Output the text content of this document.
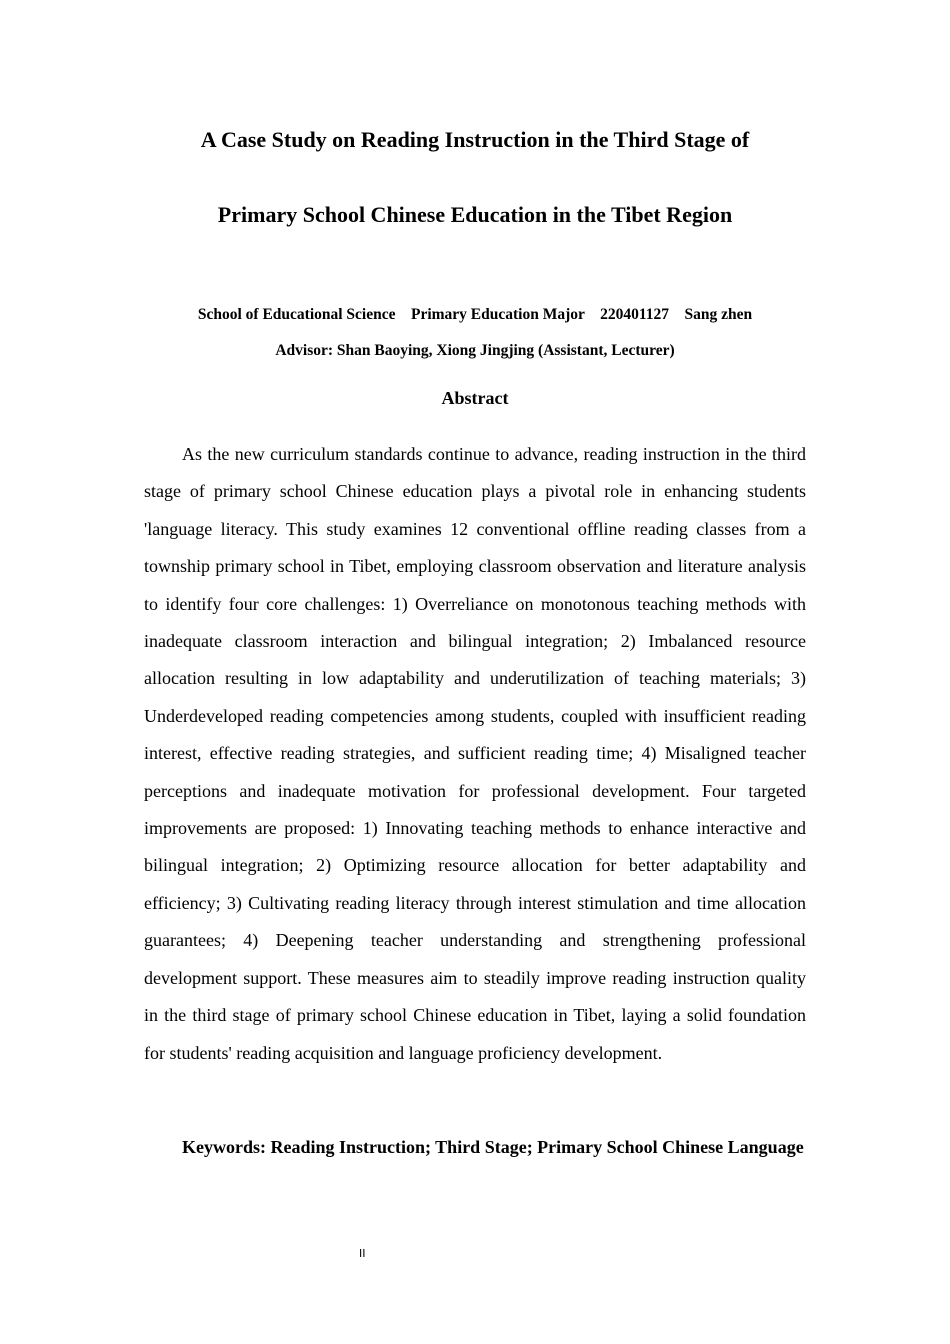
A Case Study on Reading Instruction in the Third Stage of
Primary School Chinese Education in the Tibet Region
School of Educational Science    Primary Education Major    220401127    Sang zhen
Advisor: Shan Baoying, Xiong Jingjing (Assistant, Lecturer)
Abstract

As the new curriculum standards continue to advance, reading instruction in the third stage of primary school Chinese education plays a pivotal role in enhancing students 'language literacy. This study examines 12 conventional offline reading classes from a township primary school in Tibet, employing classroom observation and literature analysis to identify four core challenges: 1) Overreliance on monotonous teaching methods with inadequate classroom interaction and bilingual integration; 2) Imbalanced resource allocation resulting in low adaptability and underutilization of teaching materials; 3) Underdeveloped reading competencies among students, coupled with insufficient reading interest, effective reading strategies, and sufficient reading time; 4) Misaligned teacher perceptions and inadequate motivation for professional development. Four targeted improvements are proposed: 1) Innovating teaching methods to enhance interactive and bilingual integration; 2) Optimizing resource allocation for better adaptability and efficiency; 3) Cultivating reading literacy through interest stimulation and time allocation guarantees; 4) Deepening teacher understanding and strengthening professional development support. These measures aim to steadily improve reading instruction quality in the third stage of primary school Chinese education in Tibet, laying a solid foundation for students' reading acquisition and language proficiency development.

Keywords: Reading Instruction; Third Stage; Primary School Chinese Language

II
